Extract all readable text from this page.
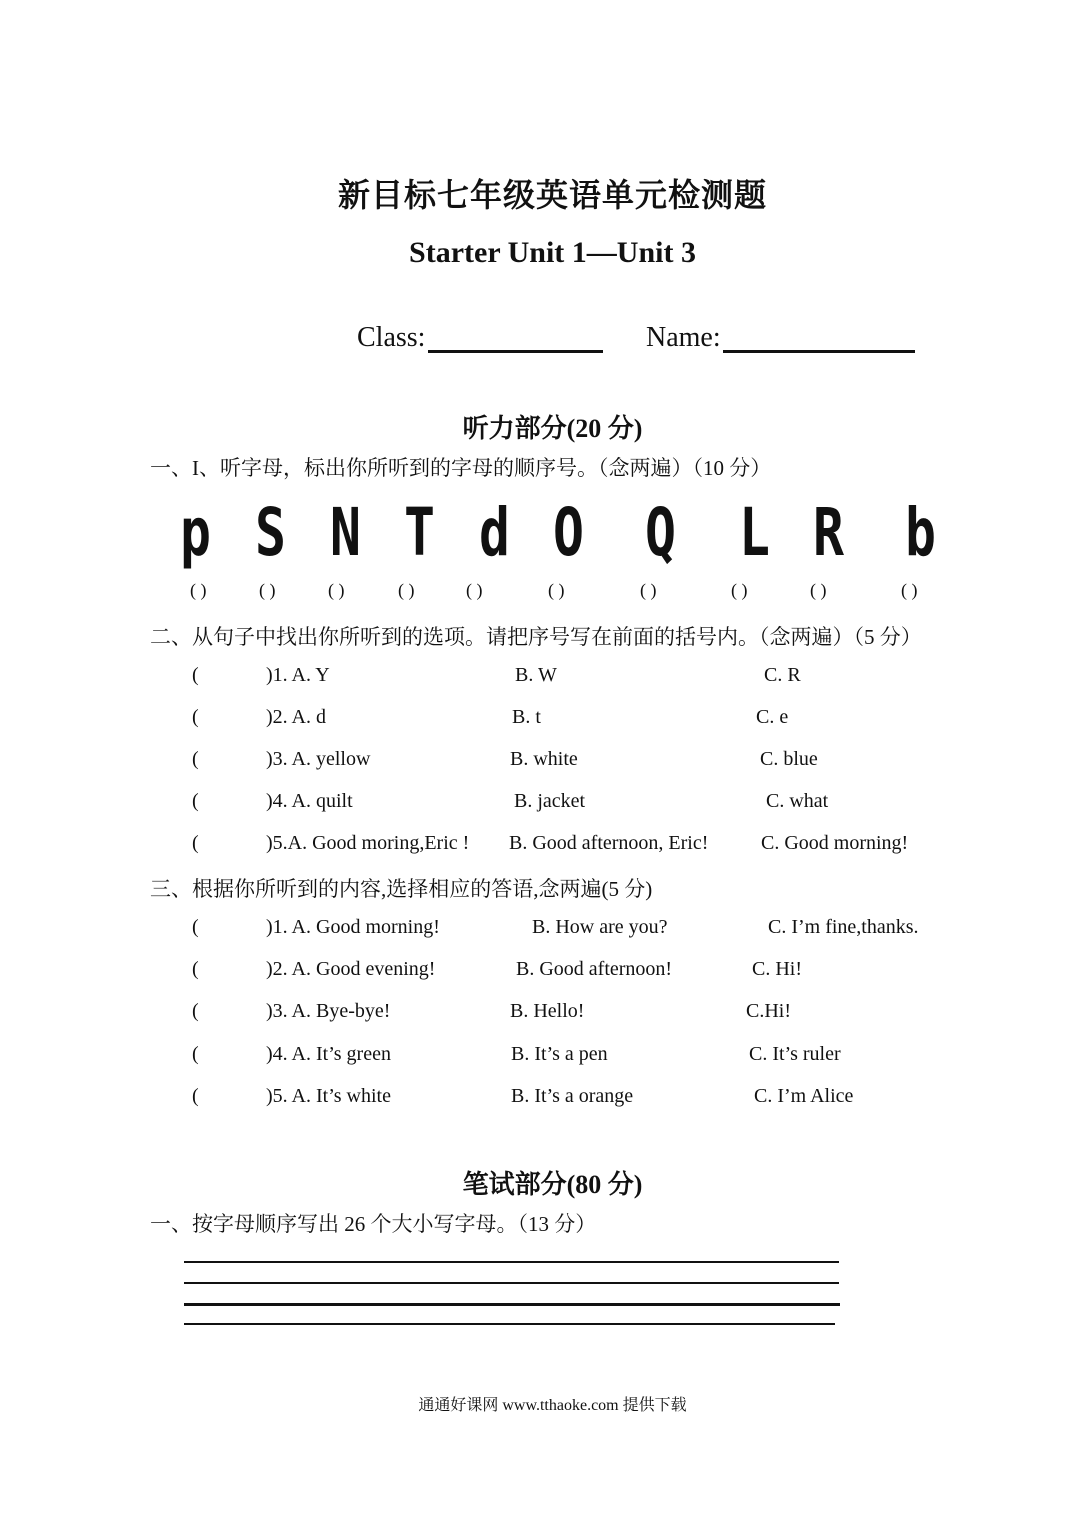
新目标七年级英语单元检测题
Starter Unit 1—Unit 3
Class:	Name:
听力部分(20 分)
一、I、听字母，标出你所听到的字母的顺序号。（念两遍）（10 分）
p S N T d O Q L R b
( )	( )	( )	( )	( )	( )	( )	( )	( )	( )
二、从句子中找出你所听到的选项。请把序号写在前面的括号内。（念两遍）（5 分）
(	)1. A. Y	B. W	C. R
(	)2. A. d	B. t	C. e
(	)3. A. yellow	B. white	C. blue
(	)4. A. quilt	B. jacket	C. what
(	)5.A. Good moring,Eric ! B. Good afternoon, Eric!	C. Good morning!
三、根据你所听到的内容,选择相应的答语,念两遍(5 分)
(	)1. A. Good morning!	B. How are you?	C. I’m fine,thanks.
(	)2. A. Good evening!	B. Good afternoon!	C. Hi!
(	)3. A. Bye-bye!	B. Hello!	C.Hi!
(	)4. A. It’s green	B. It’s a pen	C. It’s ruler
(	)5. A. It’s white	B. It’s a orange	C. I’m Alice
笔试部分(80 分)
一、按字母顺序写出 26 个大小写字母。（13 分）
通通好课网 www.tthaoke.com 提供下载
